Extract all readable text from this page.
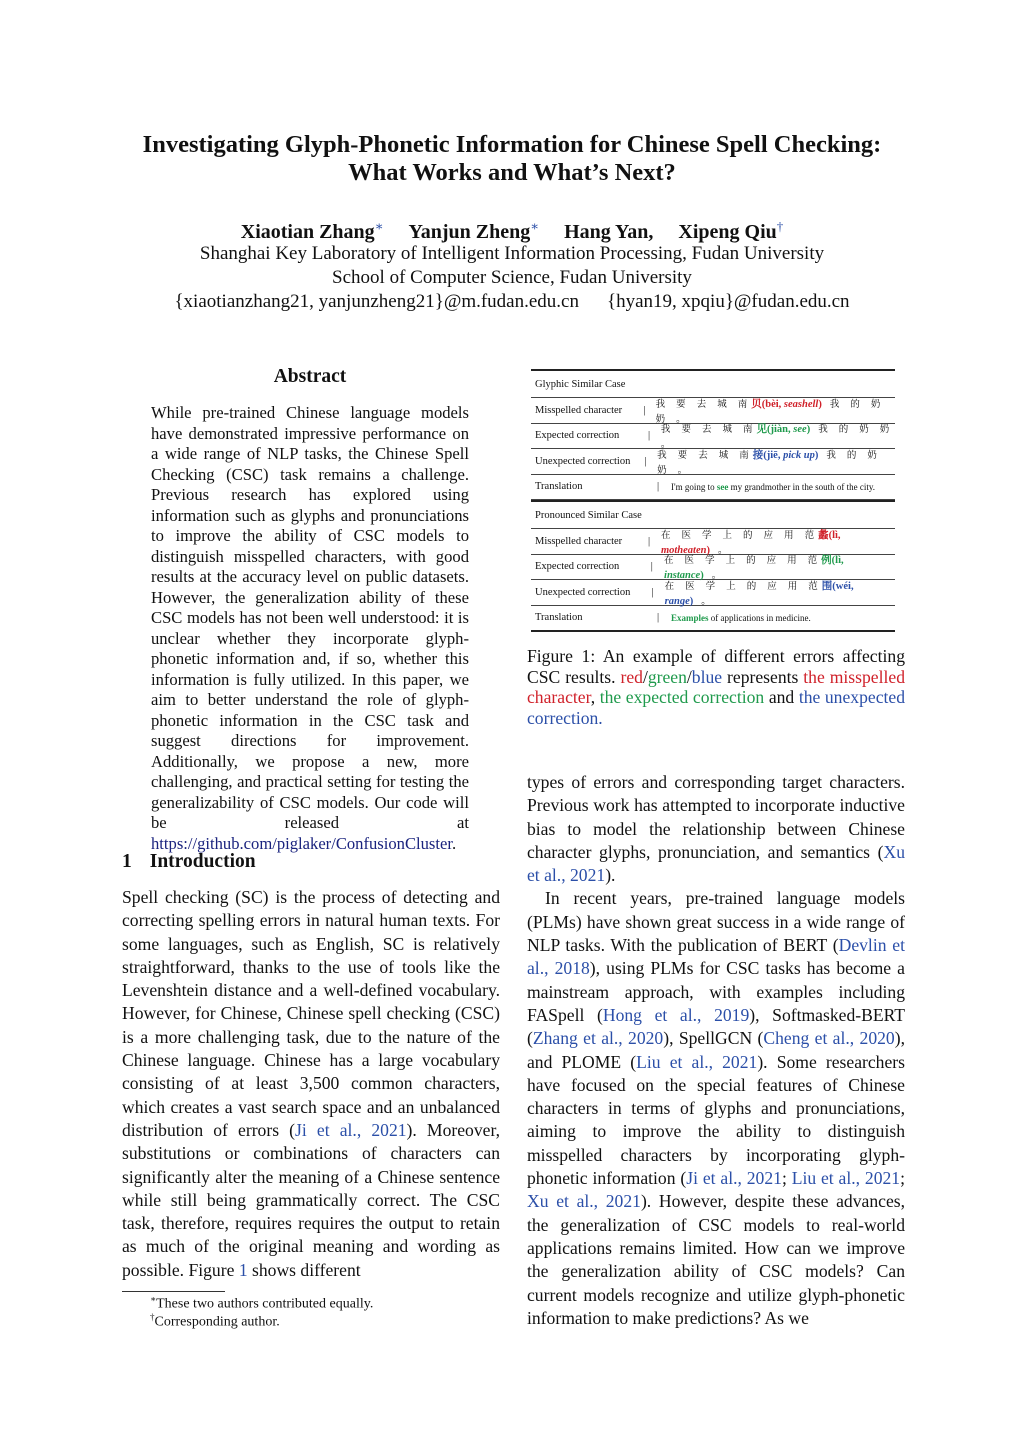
Investigating Glyph-Phonetic Information for Chinese Spell Checking:
What Works and What’s Next?
Xiaotian Zhang∗ Yanjun Zheng∗ Hang Yan, Xipeng Qiu†
Shanghai Key Laboratory of Intelligent Information Processing, Fudan University
School of Computer Science, Fudan University
{xiaotianzhang21, yanjunzheng21}@m.fudan.edu.cn {hyan19, xpqiu}@fudan.edu.cn
Abstract

While pre-trained Chinese language models have demonstrated impressive performance on a wide range of NLP tasks, the Chinese Spell Checking (CSC) task remains a challenge. Previous research has explored using information such as glyphs and pronunciations to improve the ability of CSC models to distinguish misspelled characters, with good results at the accuracy level on public datasets. However, the generalization ability of these CSC models has not been well understood: it is unclear whether they incorporate glyph-phonetic information and, if so, whether this information is fully utilized. In this paper, we aim to better understand the role of glyph-phonetic information in the CSC task and suggest directions for improvement. Additionally, we propose a new, more challenging, and practical setting for testing the generalizability of CSC models. Our code will be released at https://github.com/piglaker/ConfusionCluster.

1 Introduction

Spell checking (SC) is the process of detecting and correcting spelling errors in natural human texts. For some languages, such as English, SC is relatively straightforward, thanks to the use of tools like the Levenshtein distance and a well-defined vocabulary. However, for Chinese, Chinese spell checking (CSC) is a more challenging task, due to the nature of the Chinese language. Chinese has a large vocabulary consisting of at least 3,500 common characters, which creates a vast search space and an unbalanced distribution of errors (Ji et al., 2021). Moreover, substitutions or combinations of characters can significantly alter the meaning of a Chinese sentence while still being grammatically correct. The CSC task, therefore, requires requires the output to retain as much of the original meaning and wording as possible. Figure 1 shows different

∗These two authors contributed equally.
†Corresponding author.
Glyphic Similar Case
Misspelled character	|
我 要 去 城 南贝(bèi, seashell) 我 的 奶 奶 。
Expected correction	|
我 要 去 城 南见(jiàn, see) 我 的 奶 奶 。
Unexpected correction	|
我 要 去 城 南接(jiē, pick up) 我 的 奶 奶 。
Translation	|	I'm going to see my grandmother in the south of the city.
Pronounced Similar Case
Misspelled character	|
在 医 学 上 的 应 用 范蠡(lì, motheaten) 。
Expected correction	|
在 医 学 上 的 应 用 范例(lì, instance) 。
Unexpected correction	|
在 医 学 上 的 应 用 范围(wéi, range) 。
Translation	|	Examples of applications in medicine.
Figure 1: An example of different errors affecting CSC results. red/green/blue represents the misspelled character, the expected correction and the unexpected correction.

types of errors and corresponding target characters. Previous work has attempted to incorporate inductive bias to model the relationship between Chinese character glyphs, pronunciation, and semantics (Xu et al., 2021).

In recent years, pre-trained language models (PLMs) have shown great success in a wide range of NLP tasks. With the publication of BERT (Devlin et al., 2018), using PLMs for CSC tasks has become a mainstream approach, with examples including FASpell (Hong et al., 2019), Softmasked-BERT (Zhang et al., 2020), SpellGCN (Cheng et al., 2020), and PLOME (Liu et al., 2021). Some researchers have focused on the special features of Chinese characters in terms of glyphs and pronunciations, aiming to improve the ability to distinguish misspelled characters by incorporating glyph-phonetic information (Ji et al., 2021; Liu et al., 2021; Xu et al., 2021). However, despite these advances, the generalization of CSC models to real-world applications remains limited. How can we improve the generalization ability of CSC models? Can current models recognize and utilize glyph-phonetic information to make predictions? As we
